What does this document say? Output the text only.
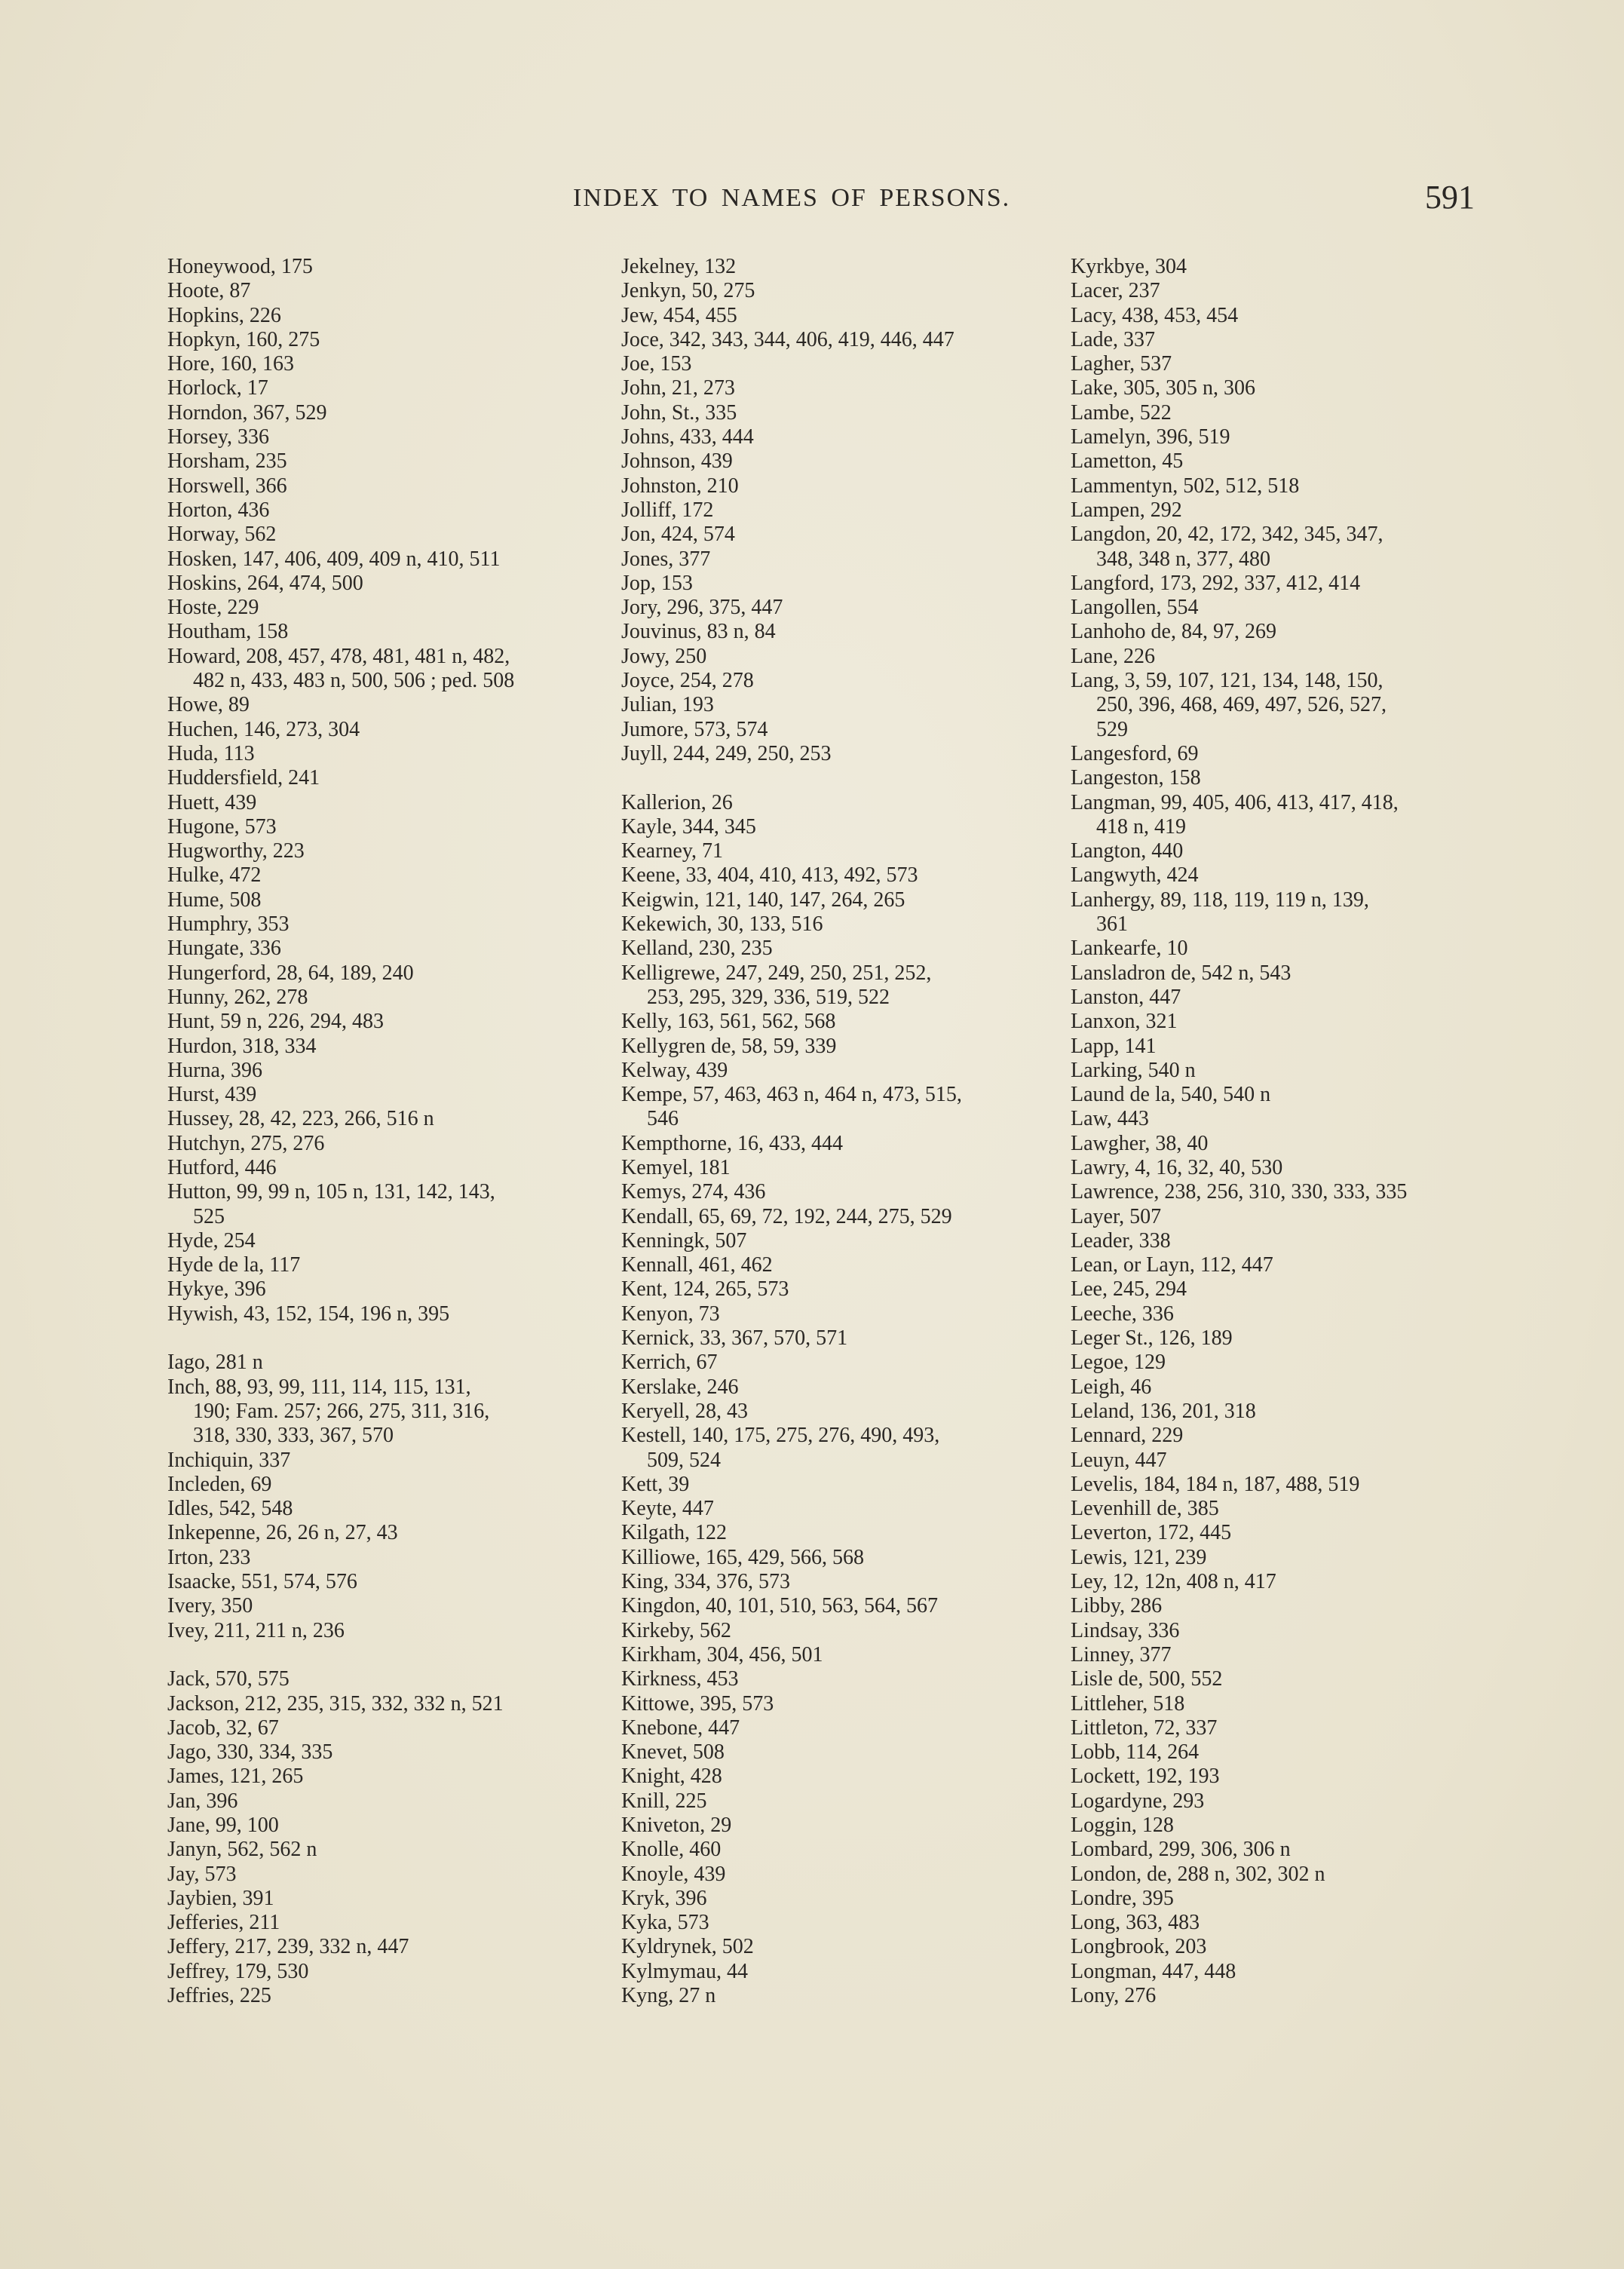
INDEX TO NAMES OF PERSONS.	591
Honeywood, 175
Hoote, 87
Hopkins, 226
Hopkyn, 160, 275
Hore, 160, 163
Horlock, 17
Horndon, 367, 529
Horsey, 336
Horsham, 235
Horswell, 366
Horton, 436
Horway, 562
Hosken, 147, 406, 409, 409 n, 410, 511
Hoskins, 264, 474, 500
Hoste, 229
Houtham, 158
Howard, 208, 457, 478, 481, 481 n, 482,
482 n, 433, 483 n, 500, 506 ; ped. 508
Howe, 89
Huchen, 146, 273, 304
Huda, 113
Huddersfield, 241
Huett, 439
Hugone, 573
Hugworthy, 223
Hulke, 472
Hume, 508
Humphry, 353
Hungate, 336
Hungerford, 28, 64, 189, 240
Hunny, 262, 278
Hunt, 59 n, 226, 294, 483
Hurdon, 318, 334
Hurna, 396
Hurst, 439
Hussey, 28, 42, 223, 266, 516 n
Hutchyn, 275, 276
Hutford, 446
Hutton, 99, 99 n, 105 n, 131, 142, 143,
525
Hyde, 254
Hyde de la, 117
Hykye, 396
Hywish, 43, 152, 154, 196 n, 395
Iago, 281 n
Inch, 88, 93, 99, 111, 114, 115, 131,
190; Fam. 257; 266, 275, 311, 316,
318, 330, 333, 367, 570
Inchiquin, 337
Incleden, 69
Idles, 542, 548
Inkepenne, 26, 26 n, 27, 43
Irton, 233
Isaacke, 551, 574, 576
Ivery, 350
Ivey, 211, 211 n, 236
Jack, 570, 575
Jackson, 212, 235, 315, 332, 332 n, 521
Jacob, 32, 67
Jago, 330, 334, 335
James, 121, 265
Jan, 396
Jane, 99, 100
Janyn, 562, 562 n
Jay, 573
Jaybien, 391
Jefferies, 211
Jeffery, 217, 239, 332 n, 447
Jeffrey, 179, 530
Jeffries, 225
Jekelney, 132
Jenkyn, 50, 275
Jew, 454, 455
Joce, 342, 343, 344, 406, 419, 446, 447
Joe, 153
John, 21, 273
John, St., 335
Johns, 433, 444
Johnson, 439
Johnston, 210
Jolliff, 172
Jon, 424, 574
Jones, 377
Jop, 153
Jory, 296, 375, 447
Jouvinus, 83 n, 84
Jowy, 250
Joyce, 254, 278
Julian, 193
Jumore, 573, 574
Juyll, 244, 249, 250, 253
Kallerion, 26
Kayle, 344, 345
Kearney, 71
Keene, 33, 404, 410, 413, 492, 573
Keigwin, 121, 140, 147, 264, 265
Kekewich, 30, 133, 516
Kelland, 230, 235
Kelligrewe, 247, 249, 250, 251, 252,
253, 295, 329, 336, 519, 522
Kelly, 163, 561, 562, 568
Kellygren de, 58, 59, 339
Kelway, 439
Kempe, 57, 463, 463 n, 464 n, 473, 515,
546
Kempthorne, 16, 433, 444
Kemyel, 181
Kemys, 274, 436
Kendall, 65, 69, 72, 192, 244, 275, 529
Kenningk, 507
Kennall, 461, 462
Kent, 124, 265, 573
Kenyon, 73
Kernick, 33, 367, 570, 571
Kerrich, 67
Kerslake, 246
Keryell, 28, 43
Kestell, 140, 175, 275, 276, 490, 493,
509, 524
Kett, 39
Keyte, 447
Kilgath, 122
Killiowe, 165, 429, 566, 568
King, 334, 376, 573
Kingdon, 40, 101, 510, 563, 564, 567
Kirkeby, 562
Kirkham, 304, 456, 501
Kirkness, 453
Kittowe, 395, 573
Knebone, 447
Knevet, 508
Knight, 428
Knill, 225
Kniveton, 29
Knolle, 460
Knoyle, 439
Kryk, 396
Kyka, 573
Kyldrynek, 502
Kylmymau, 44
Kyng, 27 n
Kyrkbye, 304
Lacer, 237
Lacy, 438, 453, 454
Lade, 337
Lagher, 537
Lake, 305, 305 n, 306
Lambe, 522
Lamelyn, 396, 519
Lametton, 45
Lammentyn, 502, 512, 518
Lampen, 292
Langdon, 20, 42, 172, 342, 345, 347,
348, 348 n, 377, 480
Langford, 173, 292, 337, 412, 414
Langollen, 554
Lanhoho de, 84, 97, 269
Lane, 226
Lang, 3, 59, 107, 121, 134, 148, 150,
250, 396, 468, 469, 497, 526, 527,
529
Langesford, 69
Langeston, 158
Langman, 99, 405, 406, 413, 417, 418,
418 n, 419
Langton, 440
Langwyth, 424
Lanhergy, 89, 118, 119, 119 n, 139,
361
Lankearfe, 10
Lansladron de, 542 n, 543
Lanston, 447
Lanxon, 321
Lapp, 141
Larking, 540 n
Laund de la, 540, 540 n
Law, 443
Lawgher, 38, 40
Lawry, 4, 16, 32, 40, 530
Lawrence, 238, 256, 310, 330, 333, 335
Layer, 507
Leader, 338
Lean, or Layn, 112, 447
Lee, 245, 294
Leeche, 336
Leger St., 126, 189
Legoe, 129
Leigh, 46
Leland, 136, 201, 318
Lennard, 229
Leuyn, 447
Levelis, 184, 184 n, 187, 488, 519
Levenhill de, 385
Leverton, 172, 445
Lewis, 121, 239
Ley, 12, 12n, 408 n, 417
Libby, 286
Lindsay, 336
Linney, 377
Lisle de, 500, 552
Littleher, 518
Littleton, 72, 337
Lobb, 114, 264
Lockett, 192, 193
Logardyne, 293
Loggin, 128
Lombard, 299, 306, 306 n
London, de, 288 n, 302, 302 n
Londre, 395
Long, 363, 483
Longbrook, 203
Longman, 447, 448
Lony, 276
